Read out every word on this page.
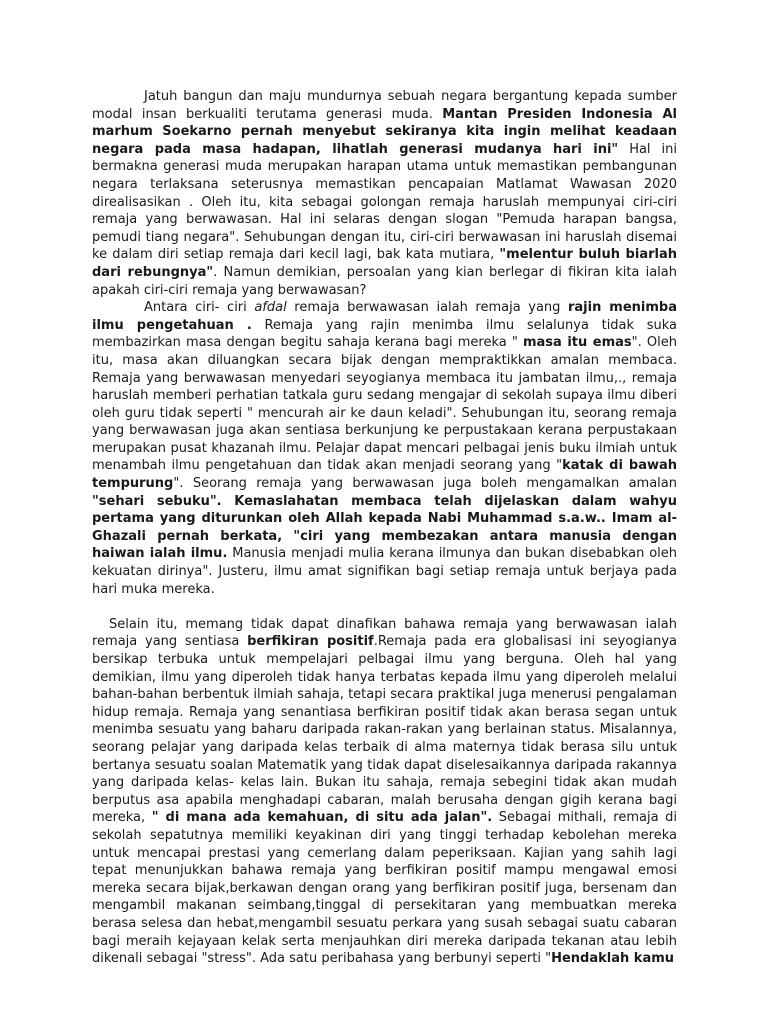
Jatuh bangun dan maju mundurnya sebuah negara bergantung kepada sumber modal insan berkualiti terutama generasi muda. Mantan Presiden Indonesia Al marhum Soekarno pernah menyebut sekiranya kita ingin melihat keadaan negara pada masa hadapan, lihatlah generasi mudanya hari ini" Hal ini bermakna generasi muda merupakan harapan utama untuk memastikan pembangunan negara terlaksana seterusnya memastikan pencapaian Matlamat Wawasan 2020 direalisasikan . Oleh itu, kita sebagai golongan remaja haruslah mempunyai ciri-ciri remaja yang berwawasan. Hal ini selaras dengan slogan "Pemuda harapan bangsa, pemudi tiang negara". Sehubungan dengan itu, ciri-ciri berwawasan ini haruslah disemai ke dalam diri setiap remaja dari kecil lagi, bak kata mutiara, "melentur buluh biarlah dari rebungnya". Namun demikian, persoalan yang kian berlegar di fikiran kita ialah apakah ciri-ciri remaja yang berwawasan?

Antara ciri- ciri afdal remaja berwawasan ialah remaja yang rajin menimba ilmu pengetahuan . Remaja yang rajin menimba ilmu selalunya tidak suka membazirkan masa dengan begitu sahaja kerana bagi mereka " masa itu emas". Oleh itu, masa akan diluangkan secara bijak dengan mempraktikkan amalan membaca. Remaja yang berwawasan menyedari seyogianya membaca itu jambatan ilmu,., remaja haruslah memberi perhatian tatkala guru sedang mengajar di sekolah supaya ilmu diberi oleh guru tidak seperti " mencurah air ke daun keladi". Sehubungan itu, seorang remaja yang berwawasan juga akan sentiasa berkunjung ke perpustakaan kerana perpustakaan merupakan pusat khazanah ilmu. Pelajar dapat mencari pelbagai jenis buku ilmiah untuk menambah ilmu pengetahuan dan tidak akan menjadi seorang yang "katak di bawah tempurung". Seorang remaja yang berwawasan juga boleh mengamalkan amalan "sehari sebuku". Kemaslahatan membaca telah dijelaskan dalam wahyu pertama yang diturunkan oleh Allah kepada Nabi Muhammad s.a.w.. Imam al-Ghazali pernah berkata, "ciri yang membezakan antara manusia dengan haiwan ialah ilmu. Manusia menjadi mulia kerana ilmunya dan bukan disebabkan oleh kekuatan dirinya". Justeru, ilmu amat signifikan bagi setiap remaja untuk berjaya pada hari muka mereka.

Selain itu, memang tidak dapat dinafikan bahawa remaja yang berwawasan ialah remaja yang sentiasa berfikiran positif.Remaja pada era globalisasi ini seyogianya bersikap terbuka untuk mempelajari pelbagai ilmu yang berguna. Oleh hal yang demikian, ilmu yang diperoleh tidak hanya terbatas kepada ilmu yang diperoleh melalui bahan-bahan berbentuk ilmiah sahaja, tetapi secara praktikal juga menerusi pengalaman hidup remaja. Remaja yang senantiasa berfikiran positif tidak akan berasa segan untuk menimba sesuatu yang baharu daripada rakan-rakan yang berlainan status. Misalannya, seorang pelajar yang daripada kelas terbaik di alma maternya tidak berasa silu untuk bertanya sesuatu soalan Matematik yang tidak dapat diselesaikannya daripada rakannya yang daripada kelas- kelas lain. Bukan itu sahaja, remaja sebegini tidak akan mudah berputus asa apabila menghadapi cabaran, malah berusaha dengan gigih kerana bagi mereka, " di mana ada kemahuan, di situ ada jalan". Sebagai mithali, remaja di sekolah sepatutnya memiliki keyakinan diri yang tinggi terhadap kebolehan mereka untuk mencapai prestasi yang cemerlang dalam peperiksaan. Kajian yang sahih lagi tepat menunjukkan bahawa remaja yang berfikiran positif mampu mengawal emosi mereka secara bijak,berkawan dengan orang yang berfikiran positif juga, bersenam dan mengambil makanan seimbang,tinggal di persekitaran yang membuatkan mereka berasa selesa dan hebat,mengambil sesuatu perkara yang susah sebagai suatu cabaran bagi meraih kejayaan kelak serta menjauhkan diri mereka daripada tekanan atau lebih dikenali sebagai "stress". Ada satu peribahasa yang berbunyi seperti "Hendaklah kamu
